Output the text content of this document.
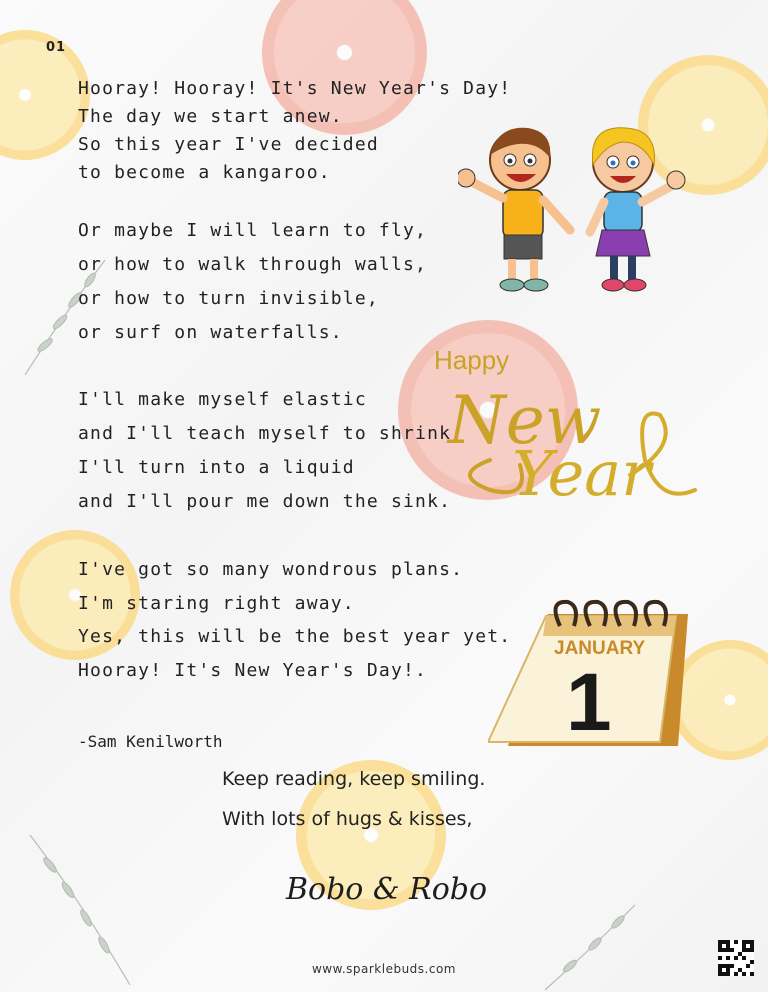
01
Hooray! Hooray! It's New Year's Day!
The day we start anew.
So this year I've decided
to become a kangaroo.
Or maybe I will learn to fly,
or how to walk through walls,
or how to turn invisible,
or surf on waterfalls.
I'll make myself elastic
and I'll teach myself to shrink.
I'll turn into a liquid
and I'll pour me down the sink.
I've got so many wondrous plans.
I'm staring right away.
Yes, this will be the best year yet.
Hooray! It's New Year's Day!.
-Sam Kenilworth
Keep reading, keep smiling.
With lots of hugs & kisses,
Bobo & Robo
Happy
New
Year
JANUARY
1
www.sparklebuds.com
